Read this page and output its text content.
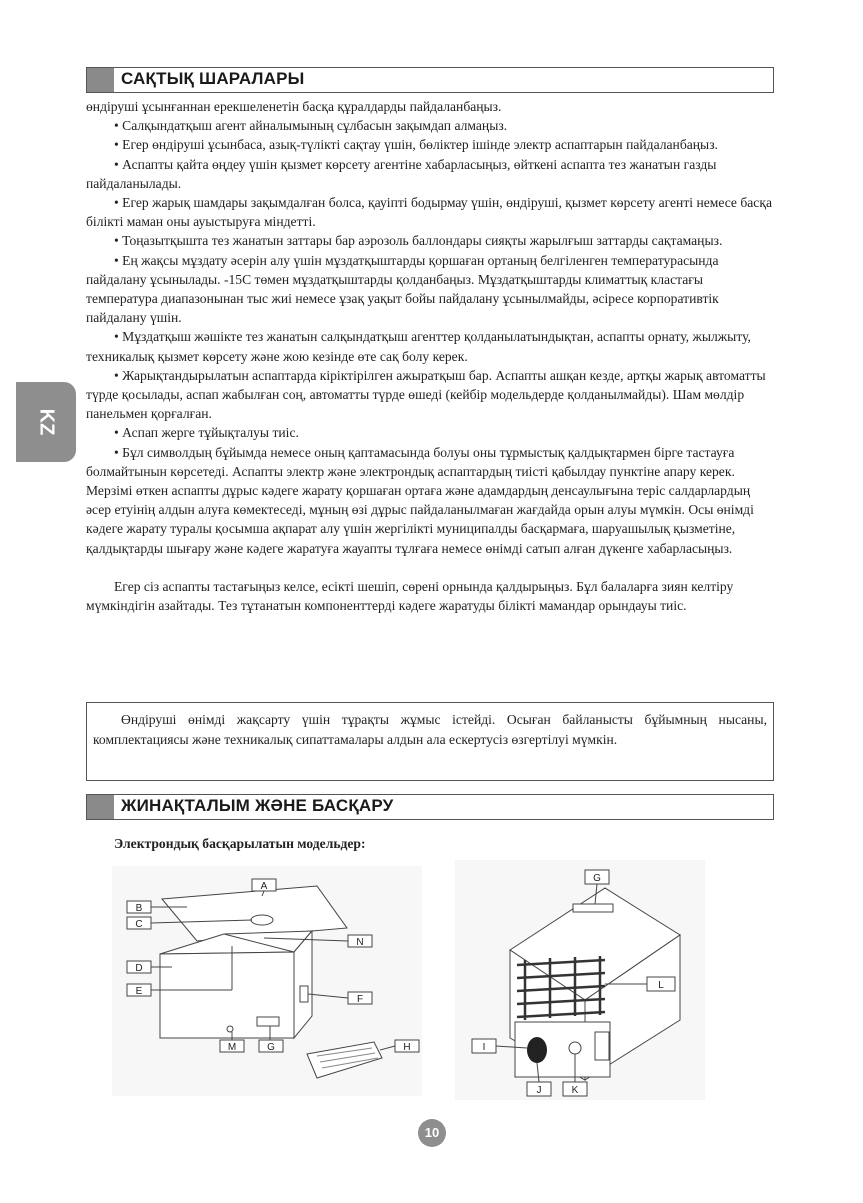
САҚТЫҚ ШАРАЛАРЫ
KZ

өндіруші ұсынғаннан ерекшеленетін басқа құралдарды пайдаланбаңыз.

• Салқындатқыш агент айналымының сұлбасын зақымдап алмаңыз.

• Егер өндіруші ұсынбаса, азық-түлікті сақтау үшін, бөліктер ішінде электр аспаптарын пайдаланбаңыз.

• Аспапты қайта өңдеу үшін қызмет көрсету агентіне хабарласыңыз, өйткені аспапта тез жанатын газды пайдаланылады.

• Егер жарық шамдары зақымдалған болса, қауіпті бодырмау үшін, өндіруші, қызмет көрсету агенті немесе басқа білікті маман оны ауыстыруға міндетті.

• Тоңазытқышта тез жанатын заттары бар аэрозоль баллондары сияқты жарылғыш заттарды сақтамаңыз.

• Ең жақсы мұздату әсерін алу үшін мұздатқыштарды қоршаған ортаның белгіленген температурасында пайдалану ұсынылады. -15С төмен мұздатқыштарды қолданбаңыз. Мұздатқыштарды климаттық кластағы температура диапазонынан тыс жиі немесе ұзақ уақыт бойы пайдалану ұсынылмайды, әсіресе корпоративтік пайдалану үшін.

• Мұздатқыш жәшікте тез жанатын салқындатқыш агенттер қолданылатындықтан, аспапты орнату, жылжыту, техникалық қызмет көрсету және жою кезінде өте сақ болу керек.

• Жарықтандырылатын аспаптарда кіріктірілген ажыратқыш бар. Аспапты ашқан кезде, артқы жарық автоматты түрде қосылады, аспап жабылған соң, автоматты түрде өшеді (кейбір модельдерде қолданылмайды). Шам мөлдір панельмен қорғалған.

• Аспап жерге тұйықталуы тиіс.

• Бұл символдың бұйымда немесе оның қаптамасында болуы оны тұрмыстық қалдықтармен бірге тастауға болмайтынын көрсетеді. Аспапты электр және электрондық аспаптардың тиісті қабылдау пунктіне апару керек. Мерзімі өткен аспапты дұрыс кәдеге жарату қоршаған ортаға және адамдардың денсаулығына теріс салдарлардың әсер етуінің алдын алуға көмектеседі, мұның өзі дұрыс пайдаланылмаған жағдайда орын алуы мүмкін. Осы өнімді кәдеге жарату туралы қосымша ақпарат алу үшін жергілікті муниципалды басқармаға, шаруашылық қызметіне, қалдықтарды шығару және кәдеге жаратуға жауапты тұлғаға немесе өнімді сатып алған дүкенге хабарласыңыз.

Егер сіз аспапты тастағыңыз келсе, есікті шешіп, сөрені орнында қалдырыңыз. Бұл балаларға зиян келтіру мүмкіндігін азайтады. Тез тұтанатын компоненттерді кәдеге жаратуды білікті мамандар орындауы тиіс.

Өндіруші өнімді жақсарту үшін тұрақты жұмыс істейді. Осыған байланысты бұйымның нысаны, комплектациясы және техникалық сипаттамалары алдын ала ескертусіз өзгертілуі мүмкін.
ЖИНАҚТАЛЫМ ЖӘНЕ БАСҚАРУ
Электрондық басқарылатын модельдер:
A
B
C
D
E
M	G
N
F
H
G
L
I
J	K
10
